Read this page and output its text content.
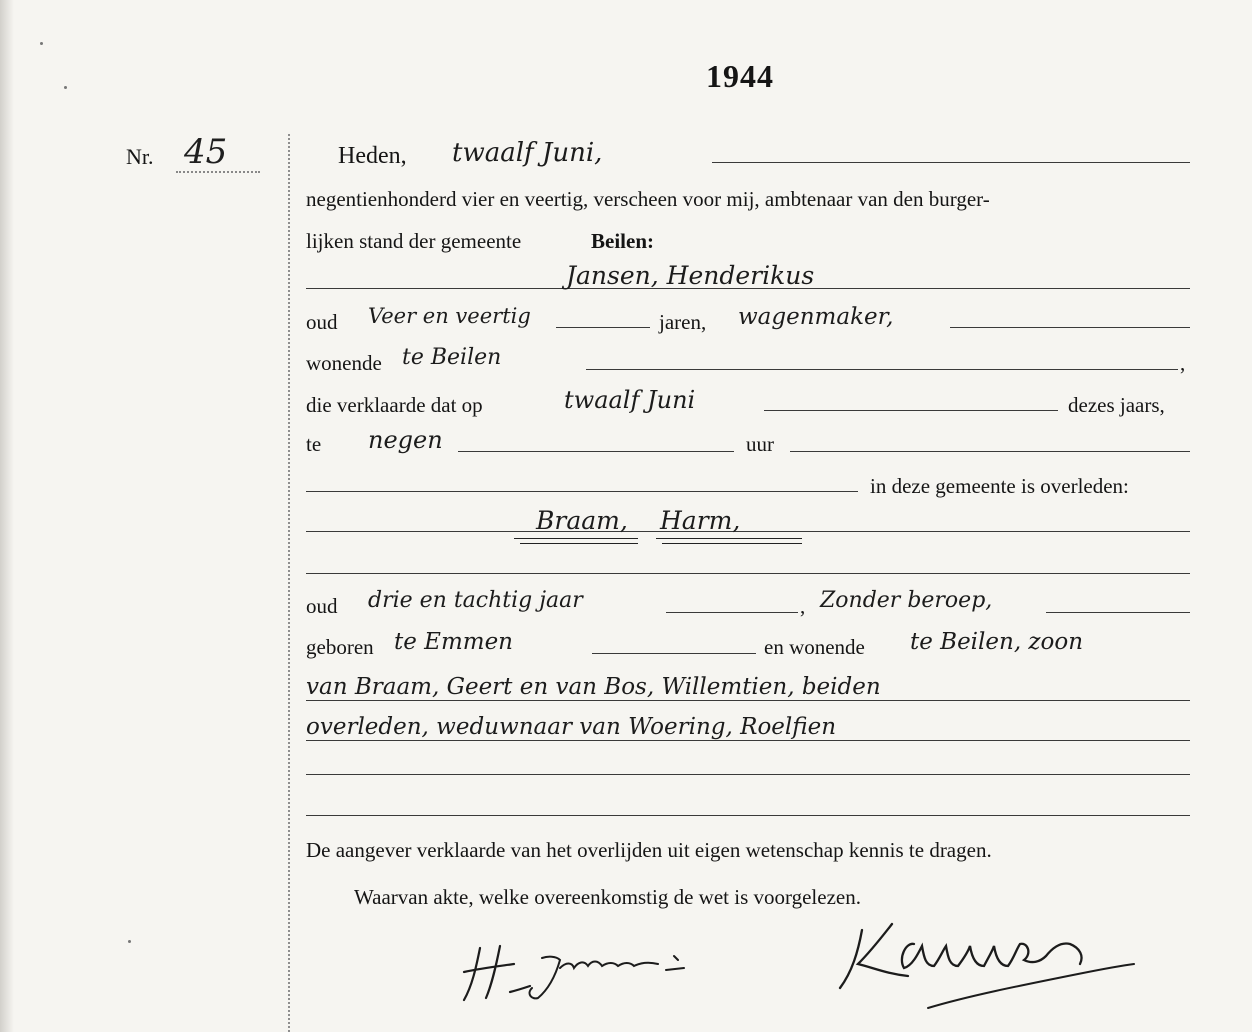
1944
Nr. 45	Heden, twaalf Juni,
negentienhonderd vier en veertig, verscheen voor mij, ambtenaar van den burger-
lijken stand der gemeente	Beilen:
Jansen, Henderikus
oud Veer en veertig	jaren, wagenmaker,
wonende te Beilen	,
die verklaarde dat op	twaalf Juni	dezes jaars,
te negen	uur
in deze gemeente is overleden:
Braam, Harm,
oud drie en tachtig jaar	, Zonder beroep,
geboren te Emmen	en wonende te Beilen, zoon
van Braam, Geert en van Bos, Willemtien, beiden
overleden, weduwnaar van Woering, Roelfien
De aangever verklaarde van het overlijden uit eigen wetenschap kennis te dragen.
Waarvan akte, welke overeenkomstig de wet is voorgelezen.
